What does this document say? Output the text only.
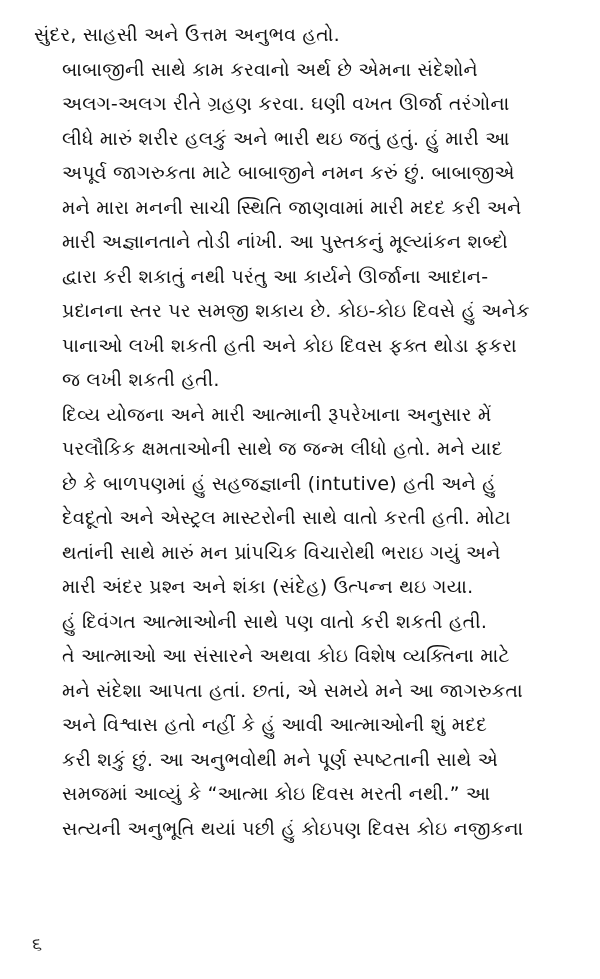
સુંદર, સાહસી અને ઉત્તમ અનુભવ હતો.

બાબાજીની સાથે કામ કરવાનો અર્થ છે એમના સંદેશોને
અલગ-અલગ રીતે ગ્રહણ કરવા. ઘણી વખત ઊર્જા તરંગોના
લીધે મારું શરીર હલકું અને ભારી થઇ જતું હતું. હું મારી આ
અપૂર્વ જાગરુકતા માટે બાબાજીને નમન કરું છું. બાબાજીએ
મને મારા મનની સાચી સ્થિતિ જાણવામાં મારી મદદ કરી અને
મારી અજ્ઞાનતાને તોડી નાંખી. આ પુસ્તકનું મૂલ્યાંકન શબ્દો
દ્વારા કરી શકાતું નથી પરંતુ આ કાર્યને ઊર્જાના આદાન-
પ્રદાનના સ્તર પર સમજી શકાય છે. કોઇ-કોઇ દિવસે હું અનેક
પાનાઓ લખી શકતી હતી અને કોઇ દિવસ ફક્ત થોડા ફકરા
જ લખી શકતી હતી.

દિવ્ય યોજના અને મારી આત્માની રૂપરેખાના અનુસાર મેં
પરલૌકિક ક્ષમતાઓની સાથે જ જન્મ લીધો હતો. મને યાદ
છે કે બાળપણમાં હું સહજજ્ઞાની (intutive) હતી અને હું
દેવદૂતો અને એસ્ટ્રલ માસ્ટરોની સાથે વાતો કરતી હતી. મોટા
થતાંની સાથે મારું મન પ્રાંપચિક વિચારોથી ભરાઇ ગયું અને
મારી અંદર પ્રશ્ન અને શંકા (સંદેહ) ઉત્પન્ન થઇ ગયા.

હું દિવંગત આત્માઓની સાથે પણ વાતો કરી શકતી હતી.
તે આત્માઓ આ સંસારને અથવા કોઇ વિશેષ વ્યક્તિના માટે
મને સંદેશા આપતા હતાં. છતાં, એ સમયે મને આ જાગરુકતા
અને વિશ્વાસ હતો નહીં કે હું આવી આત્માઓની શું મદદ
કરી શકું છું. આ અનુભવોથી મને પૂર્ણ સ્પષ્ટતાની સાથે એ
સમજમાં આવ્યું કે “આત્મા કોઇ દિવસ મરતી નથી.” આ
સત્યની અનુભૂતિ થયાં પછી હું કોઇપણ દિવસ કોઇ નજીકના

૬
